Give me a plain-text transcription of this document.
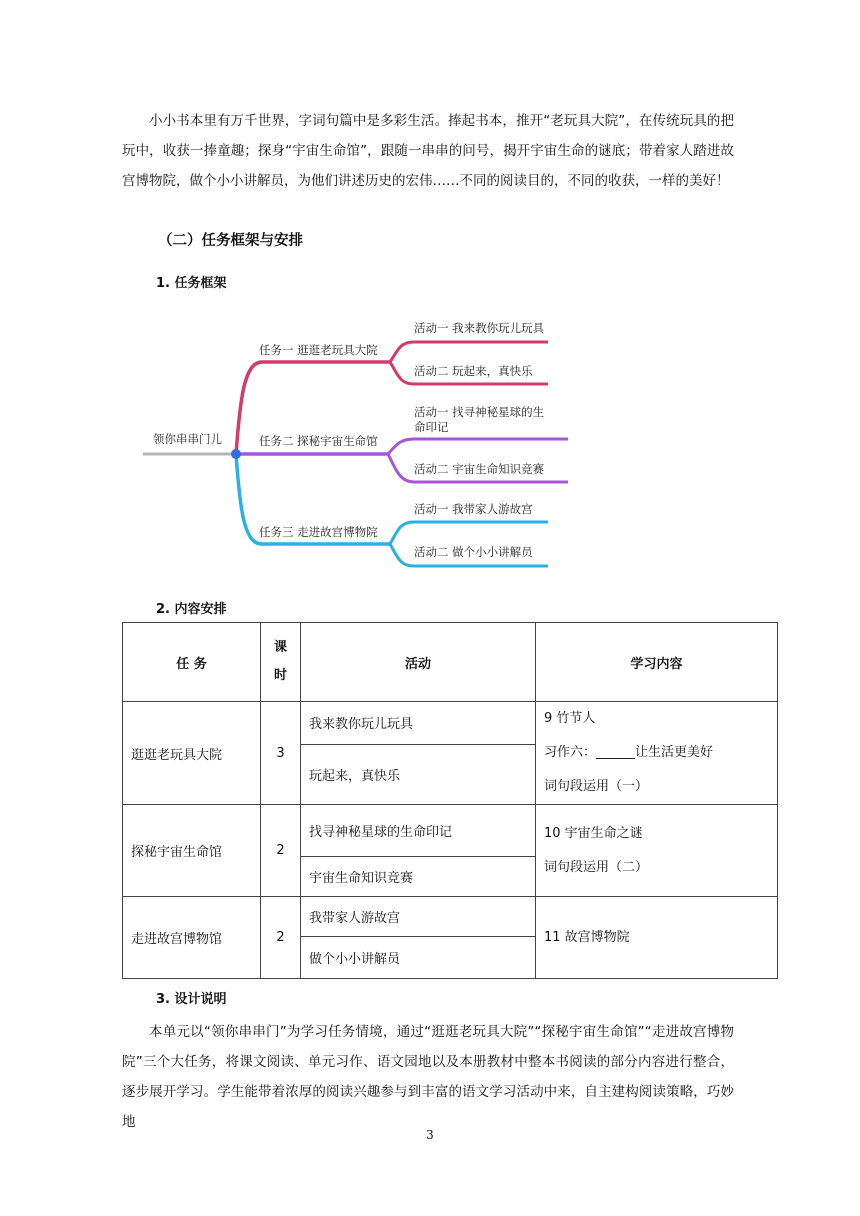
小小书本里有万千世界，字词句篇中是多彩生活。捧起书本，推开“老玩具大院”，在传统玩具的把玩中，收获一捧童趣；探身“宇宙生命馆”，跟随一串串的问号，揭开宇宙生命的谜底；带着家人踏进故宫博物院，做个小小讲解员，为他们讲述历史的宏伟……不同的阅读目的，不同的收获，一样的美好！

（二）任务框架与安排

1. 任务框架

领你串串门儿
任务一 逛逛老玩具大院
活动一 我来教你玩儿玩具
活动二 玩起来，真快乐
任务二 探秘宇宙生命馆
活动一 找寻神秘星球的生
命印记
活动二 宇宙生命知识竞赛
任务三 走进故宫博物院
活动一 我带家人游故宫
活动二 做个小小讲解员

2. 内容安排

任 务	课
时	活动	学习内容
逛逛老玩具大院	3	我来教你玩儿玩具	9 竹节人
习作六：______让生活更美好
词句段运用（一）

		玩起来，真快乐	
探秘宇宙生命馆	2	找寻神秘星球的生命印记	10 宇宙生命之谜
词句段运用（二）

		宇宙生命知识竞赛	
走进故宫博物馆	2	我带家人游故宫	11 故宫博物院

		做个小小讲解员	

3. 设计说明

本单元以“领你串串门”为学习任务情境，通过“逛逛老玩具大院”“探秘宇宙生命馆”“走进故宫博物院”三个大任务，将课文阅读、单元习作、语文园地以及本册教材中整本书阅读的部分内容进行整合，逐步展开学习。学生能带着浓厚的阅读兴趣参与到丰富的语文学习活动中来，自主建构阅读策略，巧妙地

3
